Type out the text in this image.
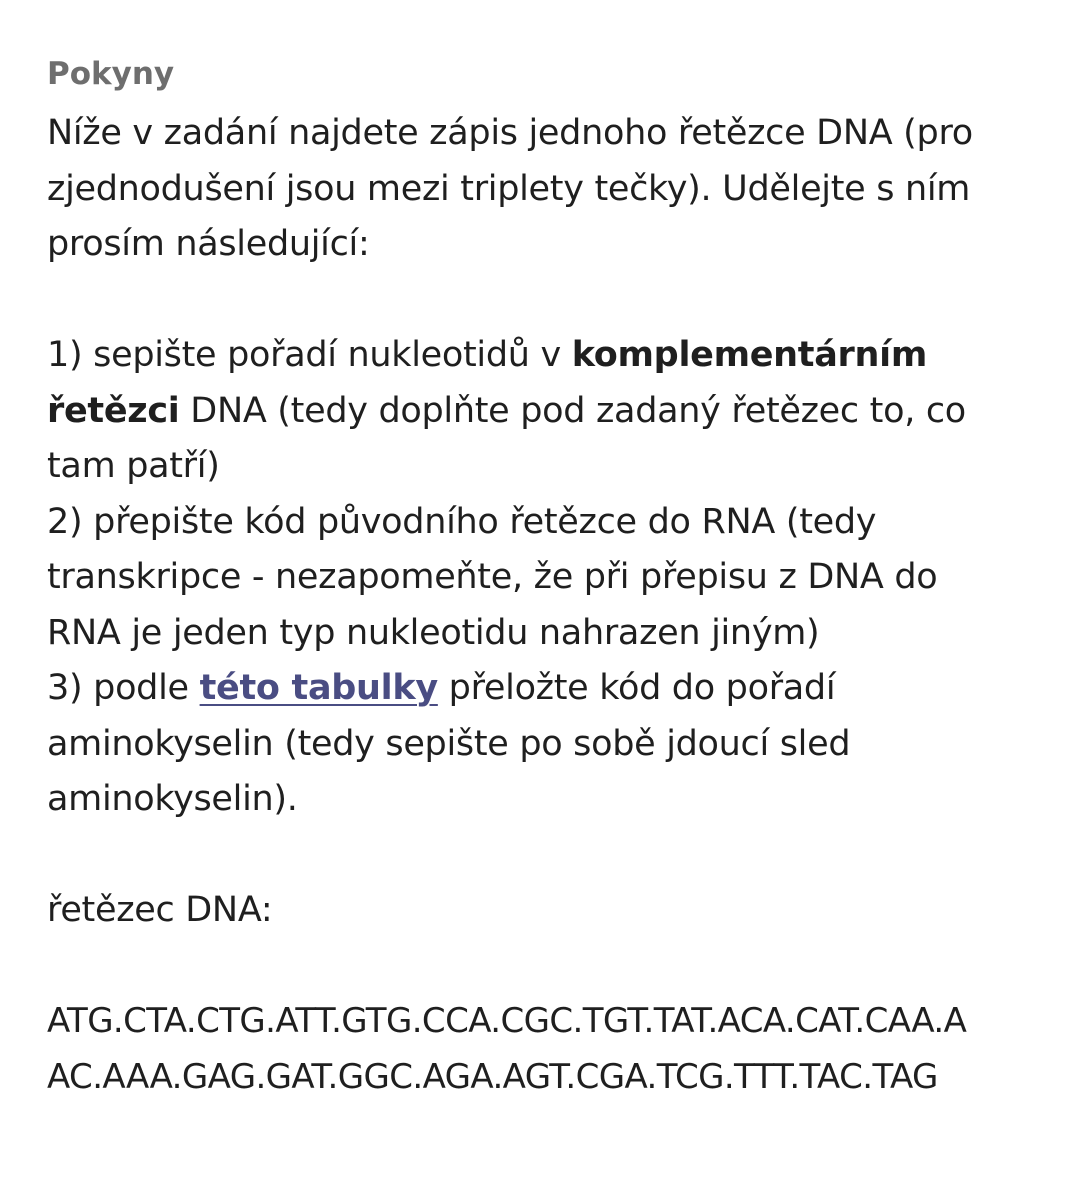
Pokyny

Níže v zadání najdete zápis jednoho řetězce DNA (pro

zjednodušení jsou mezi triplety tečky). Udělejte s ním

prosím následující:

1) sepište pořadí nukleotidů v komplementárním

řetězci DNA (tedy doplňte pod zadaný řetězec to, co

tam patří)

2) přepište kód původního řetězce do RNA (tedy

transkripce - nezapomeňte, že při přepisu z DNA do

RNA je jeden typ nukleotidu nahrazen jiným)

3) podle této tabulky přeložte kód do pořadí

aminokyselin (tedy sepište po sobě jdoucí sled

aminokyselin).

řetězec DNA:

ATG.CTA.CTG.ATT.GTG.CCA.CGC.TGT.TAT.ACA.CAT.CAA.A

AC.AAA.GAG.GAT.GGC.AGA.AGT.CGA.TCG.TTT.TAC.TAG
